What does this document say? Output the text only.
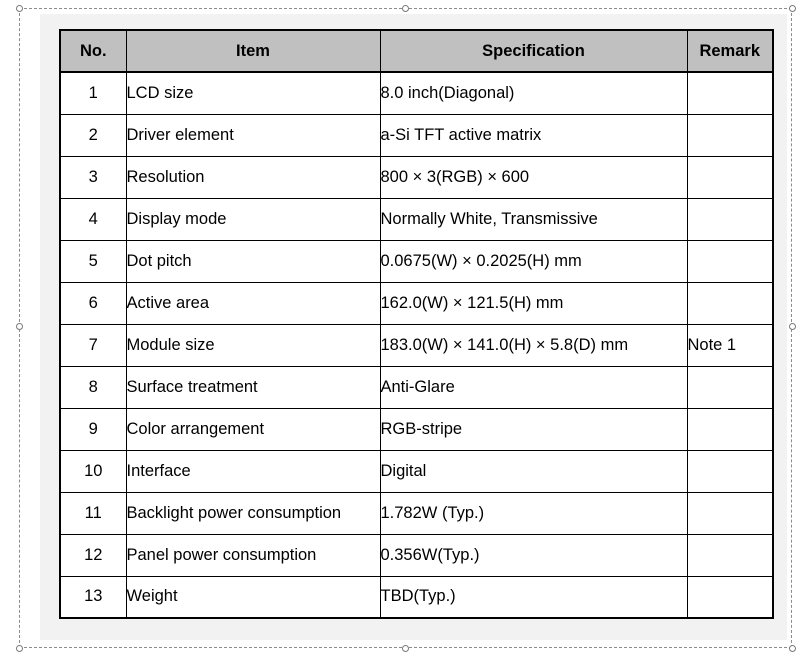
No.	Item	Specification	Remark
1	LCD size	8.0 inch(Diagonal)	
2	Driver element	a-Si TFT active matrix	
3	Resolution	800 × 3(RGB) × 600	
4	Display mode	Normally White, Transmissive	
5	Dot pitch	0.0675(W) × 0.2025(H) mm	
6	Active area	162.0(W) × 121.5(H) mm	
7	Module size	183.0(W) × 141.0(H) × 5.8(D) mm	Note 1
8	Surface treatment	Anti-Glare	
9	Color arrangement	RGB-stripe	
10	Interface	Digital	
11	Backlight power consumption	1.782W (Typ.)	
12	Panel power consumption	0.356W(Typ.)	
13	Weight	TBD(Typ.)	
